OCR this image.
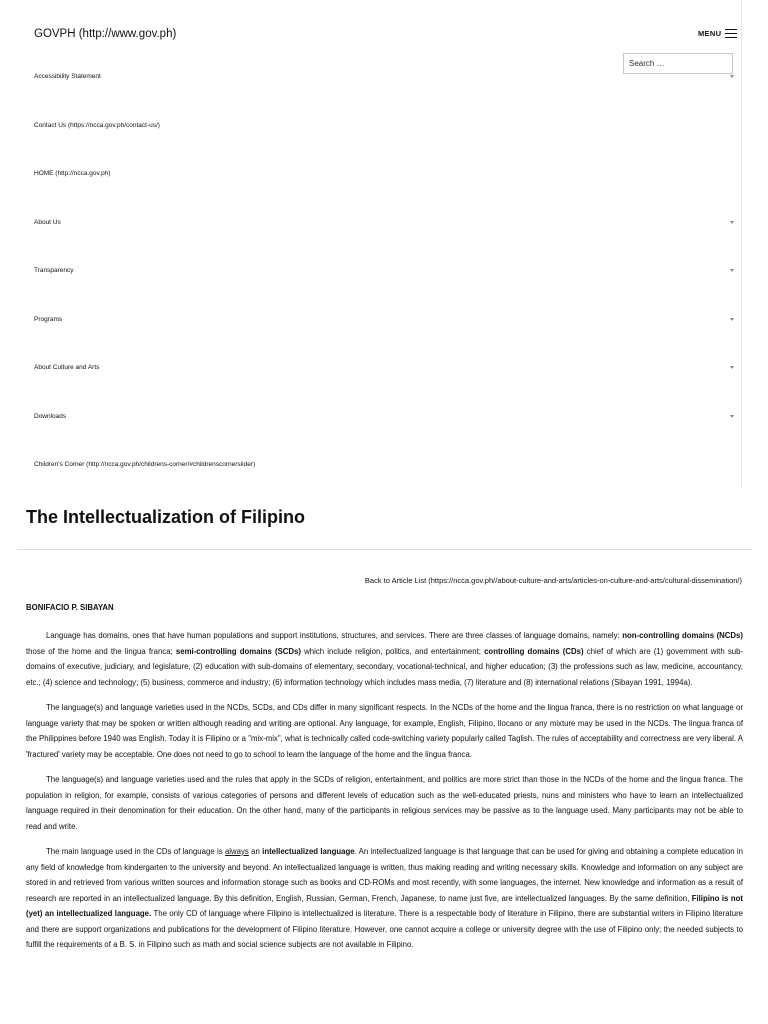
GOVPH (http://www.gov.ph)	MENU
Search …
Accessibility Statement
Contact Us (https://ncca.gov.ph/contact-us/)
HOME (http://ncca.gov.ph)
About Us
Transparency
Programs
About Culture and Arts
Downloads
Children's Corner (http://ncca.gov.ph/childrens-corner/#childrenscornerslider)
The Intellectualization of Filipino
Back to Article List (https://ncca.gov.ph//about-culture-and-arts/articles-on-culture-and-arts/cultural-dissemination/)
BONIFACIO P. SIBAYAN

Language has domains, ones that have human populations and support institutions, structures, and services. There are three classes of language domains, namely: non-controlling domains (NCDs) those of the home and the lingua franca; semi-controlling domains (SCDs) which include religion, politics, and entertainment; controlling domains (CDs) chief of which are (1) government with sub-domains of executive, judiciary, and legislature, (2) education with sub-domains of elementary, secondary, vocational-technical, and higher education; (3) the professions such as law, medicine, accountancy, etc.; (4) science and technology; (5) business, commerce and industry; (6) information technology which includes mass media, (7) literature and (8) international relations (Sibayan 1991, 1994a).

The language(s) and language varieties used in the NCDs, SCDs, and CDs differ in many significant respects. In the NCDs of the home and the lingua franca, there is no restriction on what language or language variety that may be spoken or written although reading and writing are optional. Any language, for example, English, Filipino, Ilocano or any mixture may be used in the NCDs. The lingua franca of the Philippines before 1940 was English. Today it is Filipino or a "mix-mix", what is technically called code-switching variety popularly called Taglish. The rules of acceptability and correctness are very liberal. A 'fractured' variety may be acceptable. One does not need to go to school to learn the language of the home and the lingua franca.

The language(s) and language varieties used and the rules that apply in the SCDs of religion, entertainment, and politics are more strict than those in the NCDs of the home and the lingua franca. The population in religion, for example, consists of various categories of persons and different levels of education such as the well-educated priests, nuns and ministers who have to learn an intellectualized language required in their denomination for their education. On the other hand, many of the participants in religious services may be passive as to the language used. Many participants may not be able to read and write.

The main language used in the CDs of language is always an intellectualized language. An intellectualized language is that language that can be used for giving and obtaining a complete education in any field of knowledge from kindergarten to the university and beyond. An intellectualized language is written, thus making reading and writing necessary skills. Knowledge and information on any subject are stored in and retrieved from various written sources and information storage such as books and CD-ROMs and most recently, with some languages, the internet. New knowledge and information as a result of research are reported in an intellectualized language. By this definition, English, Russian, German, French, Japanese, to name just five, are intellectualized languages. By the same definition, Filipino is not (yet) an intellectualized language. The only CD of language where Filipino is intellectualized is literature. There is a respectable body of literature in Filipino, there are substantial writers in Filipino literature and there are support organizations and publications for the development of Filipino literature. However, one cannot acquire a college or university degree with the use of Filipino only; the needed subjects to fulfill the requirements of a B. S. in Filipino such as math and social science subjects are not available in Filipino.
